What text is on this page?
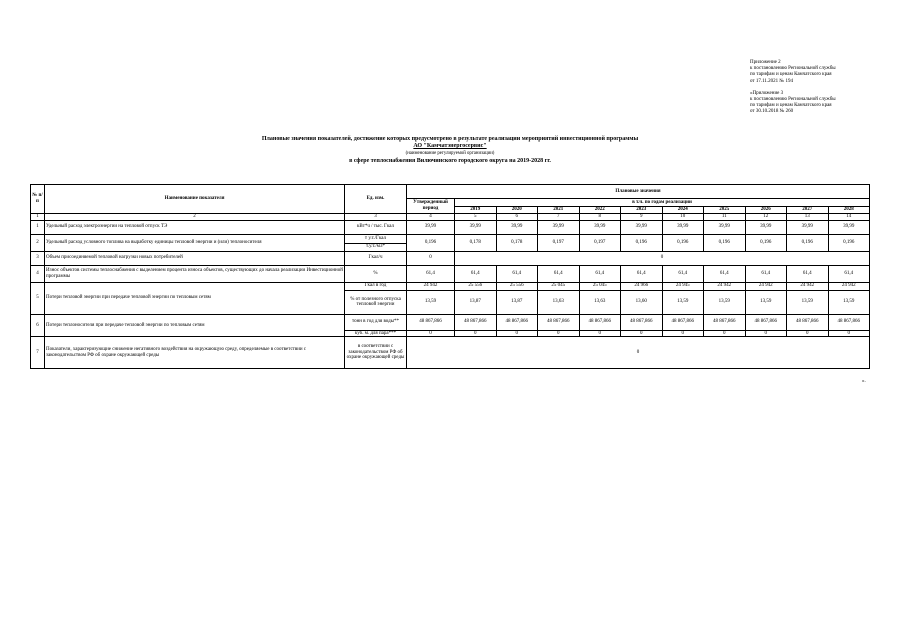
Приложение 2
к постановлению Региональной службы
по тарифам и ценам Камчатского края
от 17.11.2021 № 194
«Приложение 3
к постановлению Региональной службы
по тарифам и ценам Камчатского края
от 30.10.2018 № 260
Плановые значения показателей, достижение которых предусмотрено в результате реализации мероприятий инвестиционной программы
АО "Камчатэнергосервис"
(наименование регулируемой организации)
в сфере теплоснабжения Вилючинского городского округа на 2019-2028 гг.
№ п/п	Наименование показателя	Ед. изм.	Плановые значения										
			Утвержденный период	в т.ч. по годам реализации									
				2019	2020	2021	2022	2023	2024	2025	2026	2027	2028
1	2	3	4	5	6	7	8	9	10	11	12	13	14
1	Удельный расход электроэнергии на тепловой отпуск ТЭ	кВт*ч / тыс. Гкал	39,99	39,99	39,99	39,99	39,99	39,99	39,99	39,99	39,99	39,99	39,99
2	Удельный расход условного топлива на выработку единицы тепловой энергии и (или) теплоносителя	т у.т./Гкал	0,196	0,178	0,178	0,197	0,197	0,196	0,196	0,196	0,196	0,196	0,196
		т.у.т./м3*											
3	Объем присоединяемой тепловой нагрузки новых потребителей	Гкал/ч	0	0									
4	Износ объектов системы теплоснабжения с выделением процента износа объектов, существующих до начала реализации Инвестиционной программы	%	61,4	61,4	61,4	61,4	61,4	61,4	61,4	61,4	61,4	61,4	61,4
5	Потери тепловой энергии при передаче тепловой энергии по тепловым сетям	Гкал в год	24 942	25 556	25 556	25 045	25 045	24 966	24 945	24 942	24 942	24 942	24 942
		% от полезного отпуска тепловой энергии	13,59	13,87	13,87	13,63	13,63	13,60	13,59	13,59	13,59	13,59	13,59
6	Потери теплоносителя при передаче тепловой энергии по тепловым сетям	тонн в год для воды**	48 867,866	48 867,866	48 867,866	48 867,866	48 867,866	48 867,866	48 867,866	48 867,866	48 867,866	48 867,866	48 867,866
		куб. м. для пара***	0	0	0	0	0	0	0	0	0	0	0
7	Показатели, характеризующие снижение негативного воздействия на окружающую среду, определяемые в соответствии с законодательством РФ об охране окружающей среды	в соответствии с законодательством РФ об охране окружающей среды	0										
».
